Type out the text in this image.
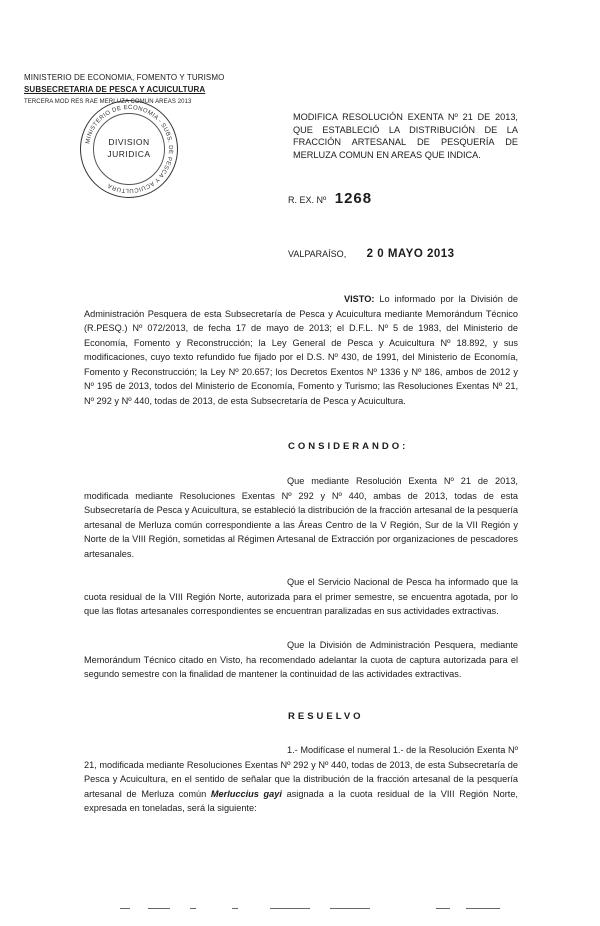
MINISTERIO DE ECONOMIA, FOMENTO Y TURISMO
SUBSECRETARIA DE PESCA Y ACUICULTURA
TERCERA MOD RES RAE MERLUZA COMUN AREAS 2013
DIVISION
JURIDICA
MINISTERIO DE ECONOMIA - SUBS. DE PESCA Y ACUICULTURA
MODIFICA RESOLUCIÓN EXENTA Nº 21 DE 2013, QUE ESTABLECIÓ LA DISTRIBUCIÓN DE LA FRACCIÓN ARTESANAL DE PESQUERÍA DE MERLUZA COMUN EN AREAS QUE INDICA.
R. EX. Nº 1268
VALPARAÍSO, 2 0 MAYO 2013
VISTO: Lo informado por la División de Administración Pesquera de esta Subsecretaría de Pesca y Acuicultura mediante Memorándum Técnico (R.PESQ.) Nº 072/2013, de fecha 17 de mayo de 2013; el D.F.L. Nº 5 de 1983, del Ministerio de Economía, Fomento y Reconstrucción; la Ley General de Pesca y Acuicultura Nº 18.892, y sus modificaciones, cuyo texto refundido fue fijado por el D.S. Nº 430, de 1991, del Ministerio de Economía, Fomento y Reconstrucción; la Ley Nº 20.657; los Decretos Exentos Nº 1336 y Nº 186, ambos de 2012 y Nº 195 de 2013, todos del Ministerio de Economía, Fomento y Turismo; las Resoluciones Exentas Nº 21, Nº 292 y Nº 440, todas de 2013, de esta Subsecretaría de Pesca y Acuicultura.
CONSIDERANDO:
Que mediante Resolución Exenta Nº 21 de 2013, modificada mediante Resoluciones Exentas Nº 292 y Nº 440, ambas de 2013, todas de esta Subsecretaría de Pesca y Acuicultura, se estableció la distribución de la fracción artesanal de la pesquería artesanal de Merluza común correspondiente a las Áreas Centro de la V Región, Sur de la VII Región y Norte de la VIII Región, sometidas al Régimen Artesanal de Extracción por organizaciones de pescadores artesanales.
Que el Servicio Nacional de Pesca ha informado que la cuota residual de la VIII Región Norte, autorizada para el primer semestre, se encuentra agotada, por lo que las flotas artesanales correspondientes se encuentran paralizadas en sus actividades extractivas.
Que la División de Administración Pesquera, mediante Memorándum Técnico citado en Visto, ha recomendado adelantar la cuota de captura autorizada para el segundo semestre con la finalidad de mantener la continuidad de las actividades extractivas.
RESUELVO
1.- Modifícase el numeral 1.- de la Resolución Exenta Nº 21, modificada mediante Resoluciones Exentas Nº 292 y Nº 440, todas de 2013, de esta Subsecretaría de Pesca y Acuicultura, en el sentido de señalar que la distribución de la fracción artesanal de la pesquería artesanal de Merluza común Merluccius gayi asignada a la cuota residual de la VIII Región Norte, expresada en toneladas, será la siguiente:
